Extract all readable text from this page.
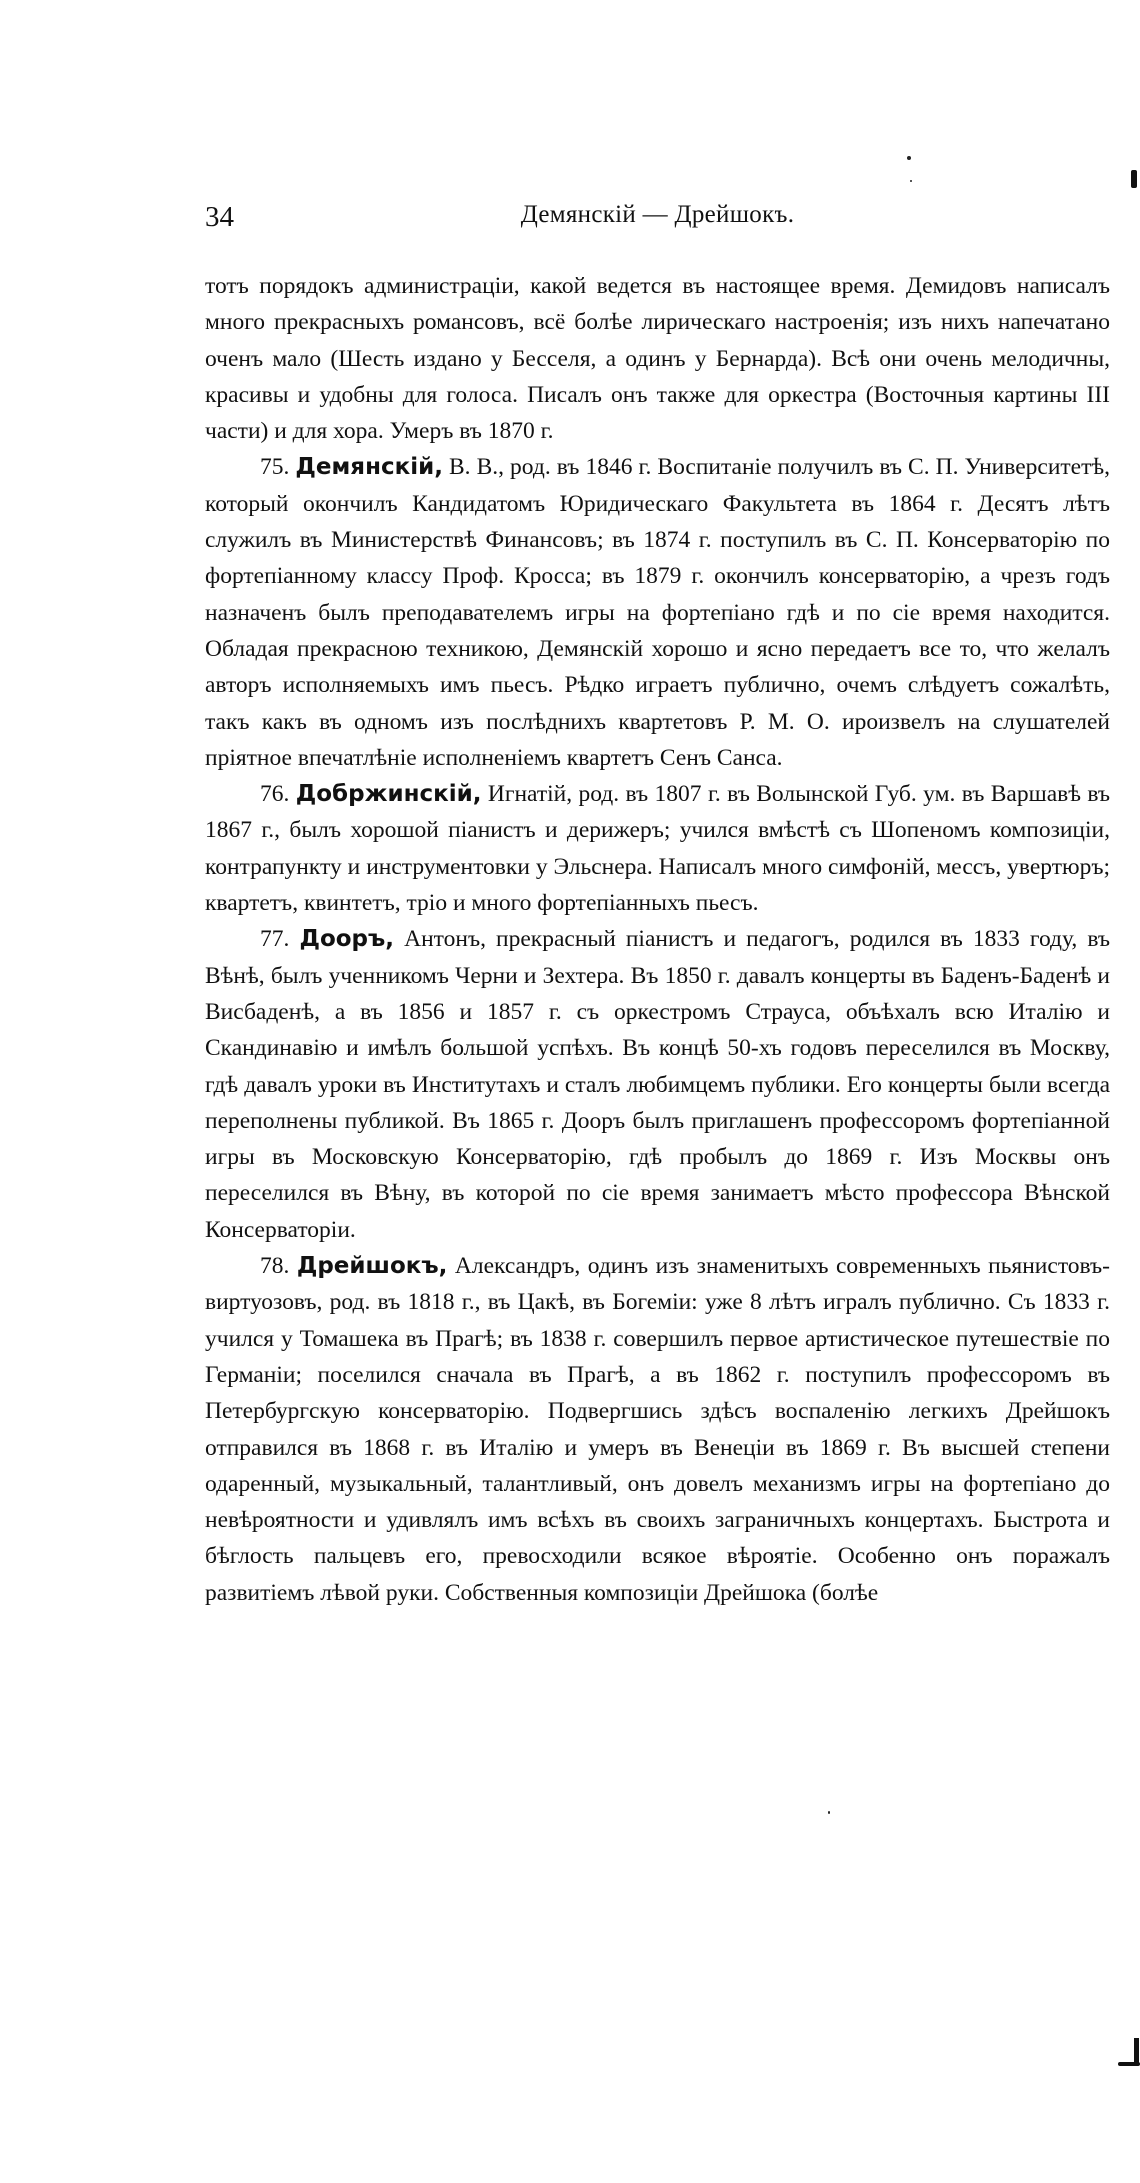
34	Демянскій — Дрейшокъ.

тотъ порядокъ администраціи, какой ведется въ настоящее время. Демидовъ написалъ много прекрасныхъ романсовъ, всё болѣе лирическаго настроенія; изъ нихъ напечатано оченъ мало (Шесть издано у Бесселя, а одинъ у Бернарда). Всѣ они очень мелодичны, красивы и удобны для голоса. Писалъ онъ также для оркестра (Восточныя картины III части) и для хора. Умеръ въ 1870 г.

75. Демянскій, В. В., род. въ 1846 г. Воспитаніе получилъ въ С. П. Университетѣ, который окончилъ Кандидатомъ Юридическаго Факультета въ 1864 г. Десятъ лѣтъ служилъ въ Министерствѣ Финансовъ; въ 1874 г. поступилъ въ С. П. Консерваторію по фортепіанному классу Проф. Кросса; въ 1879 г. окончилъ консерваторію, а чрезъ годъ назначенъ былъ преподавателемъ игры на фортепіано гдѣ и по сіе время находится. Обладая прекрасною техникою, Демянскій хорошо и ясно передаетъ все то, что желалъ авторъ исполняемыхъ имъ пьесъ. Рѣдко играетъ публично, очемъ слѣдуетъ сожалѣть, такъ какъ въ одномъ изъ послѣднихъ квартетовъ Р. М. О. ироизвелъ на слушателей пріятное впечатлѣніе исполненіемъ квартетъ Сенъ Санса.

76. Добржинскій, Игнатій, род. въ 1807 г. въ Волынской Губ. ум. въ Варшавѣ въ 1867 г., былъ хорошой піанистъ и дерижеръ; учился вмѣстѣ съ Шопеномъ композиціи, контрапункту и инструментовки у Эльснера. Написалъ много симфоній, мессъ, увертюръ; квартетъ, квинтетъ, тріо и много фортепіанныхъ пьесъ.

77. Дооръ, Антонъ, прекрасный піанистъ и педагогъ, родился въ 1833 году, въ Вѣнѣ, былъ ученникомъ Черни и Зехтера. Въ 1850 г. давалъ концерты въ Баденъ-Баденѣ и Висбаденѣ, а въ 1856 и 1857 г. съ оркестромъ Страуса, объѣхалъ всю Италію и Скандинавію и имѣлъ большой успѣхъ. Въ концѣ 50-хъ годовъ переселился въ Москву, гдѣ давалъ уроки въ Институтахъ и сталъ любимцемъ публики. Его концерты были всегда переполнены публикой. Въ 1865 г. Дооръ былъ приглашенъ профессоромъ фортепіанной игры въ Московскую Консерваторію, гдѣ пробылъ до 1869 г. Изъ Москвы онъ переселился въ Вѣну, въ которой по сіе время занимаетъ мѣсто профессора Вѣнской Консерваторіи.

78. Дрейшокъ, Александръ, одинъ изъ знаменитыхъ современныхъ пьянистовъ-виртуозовъ, род. въ 1818 г., въ Цакѣ, въ Богеміи: уже 8 лѣтъ игралъ публично. Съ 1833 г. учился у Томашека въ Прагѣ; въ 1838 г. совершилъ первое артистическое путешествіе по Германіи; поселился сначала въ Прагѣ, а въ 1862 г. поступилъ профессоромъ въ Петербургскую консерваторію. Подвергшись здѣсъ воспаленію легкихъ Дрейшокъ отправился въ 1868 г. въ Италію и умеръ въ Венеціи въ 1869 г. Въ высшей степени одаренный, музыкальный, талантливый, онъ довелъ механизмъ игры на фортепіано до невѣроятности и удивлялъ имъ всѣхъ въ своихъ заграничныхъ концертахъ. Быстрота и бѣглость пальцевъ его, превосходили всякое вѣроятіе. Особенно онъ поражалъ развитіемъ лѣвой руки. Собственныя композиціи Дрейшока (болѣе
